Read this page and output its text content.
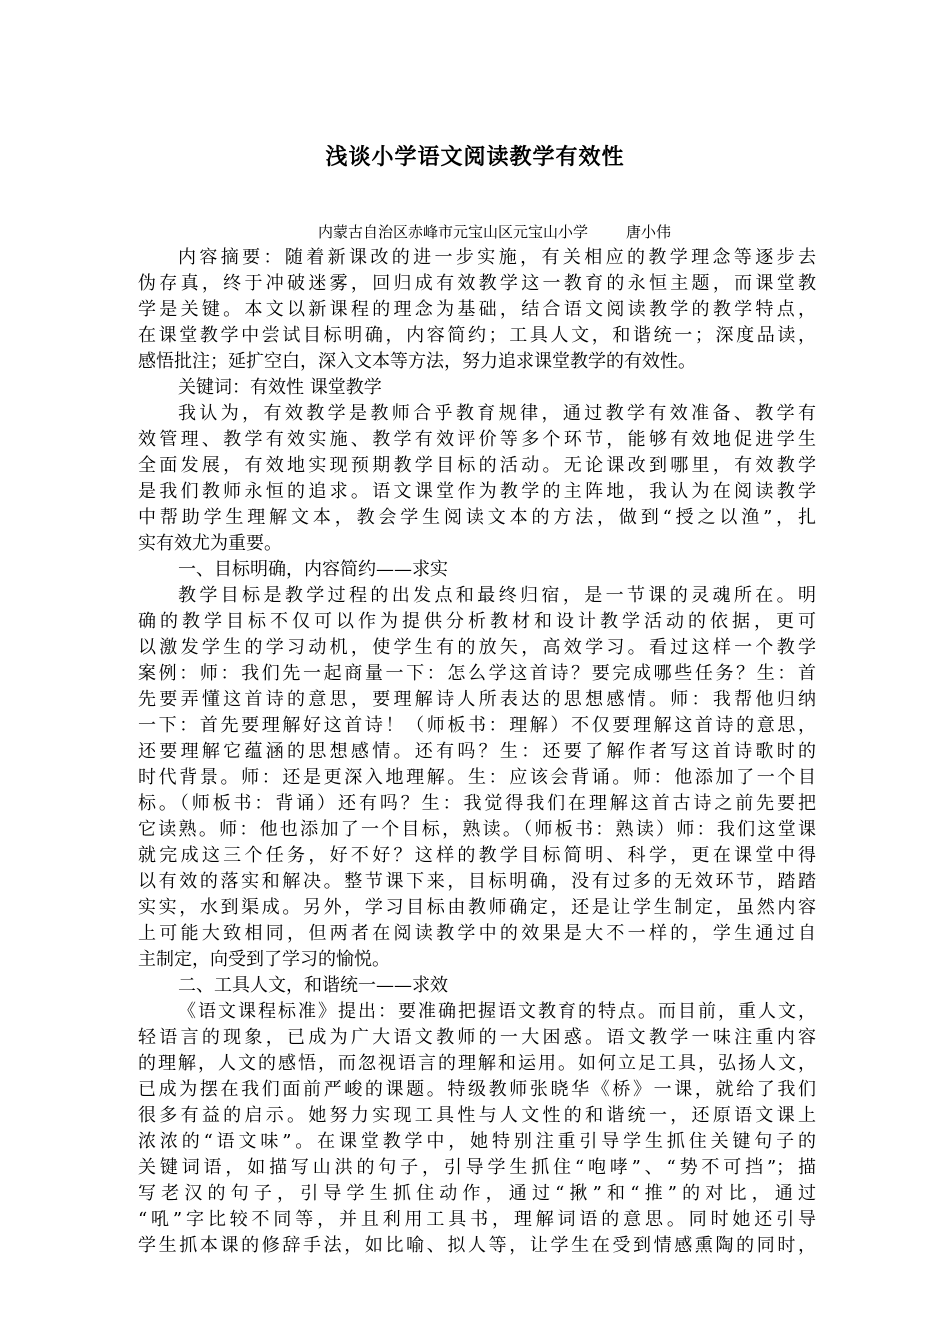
浅谈小学语文阅读教学有效性
内蒙古自治区赤峰市元宝山区元宝山小学	唐小伟
内容摘要：随着新课改的进一步实施，有关相应的教学理念等逐步去
伪存真，终于冲破迷雾，回归成有效教学这一教育的永恒主题，而课堂教
学是关键。本文以新课程的理念为基础，结合语文阅读教学的教学特点，
在课堂教学中尝试目标明确，内容简约；工具人文，和谐统一；深度品读，
感悟批注；延扩空白，深入文本等方法，努力追求课堂教学的有效性。
关键词：有效性 课堂教学
我认为，有效教学是教师合乎教育规律，通过教学有效准备、教学有
效管理、教学有效实施、教学有效评价等多个环节，能够有效地促进学生
全面发展，有效地实现预期教学目标的活动。无论课改到哪里，有效教学
是我们教师永恒的追求。语文课堂作为教学的主阵地，我认为在阅读教学
中帮助学生理解文本，教会学生阅读文本的方法，做到“授之以渔”，扎
实有效尤为重要。
一、目标明确，内容简约——求实
教学目标是教学过程的出发点和最终归宿，是一节课的灵魂所在。明
确的教学目标不仅可以作为提供分析教材和设计教学活动的依据，更可
以激发学生的学习动机，使学生有的放矢，高效学习。看过这样一个教学
案例：师：我们先一起商量一下：怎么学这首诗？要完成哪些任务？生：首
先要弄懂这首诗的意思，要理解诗人所表达的思想感情。师：我帮他归纳
一下：首先要理解好这首诗！（师板书：理解）不仅要理解这首诗的意思，
还要理解它蕴涵的思想感情。还有吗？生：还要了解作者写这首诗歌时的
时代背景。师：还是更深入地理解。生：应该会背诵。师：他添加了一个目
标。（师板书：背诵）还有吗？生：我觉得我们在理解这首古诗之前先要把
它读熟。师：他也添加了一个目标，熟读。（师板书：熟读）师：我们这堂课
就完成这三个任务，好不好？这样的教学目标简明、科学，更在课堂中得
以有效的落实和解决。整节课下来，目标明确，没有过多的无效环节，踏踏
实实，水到渠成。另外，学习目标由教师确定，还是让学生制定，虽然内容
上可能大致相同，但两者在阅读教学中的效果是大不一样的，学生通过自
主制定，向受到了学习的愉悦。
二、工具人文，和谐统一——求效
《语文课程标准》提出：要准确把握语文教育的特点。而目前，重人文，
轻语言的现象，已成为广大语文教师的一大困惑。语文教学一味注重内容
的理解，人文的感悟，而忽视语言的理解和运用。如何立足工具，弘扬人文，
已成为摆在我们面前严峻的课题。特级教师张晓华《桥》一课，就给了我们
很多有益的启示。她努力实现工具性与人文性的和谐统一，还原语文课上
浓浓的“语文味”。在课堂教学中，她特别注重引导学生抓住关键句子的
关键词语，如描写山洪的句子，引导学生抓住“咆哮”、“势不可挡”；描
写老汉的句子，引导学生抓住动作，通过“揪”和“推”的对比，通过
“吼”字比较不同等，并且利用工具书，理解词语的意思。同时她还引导
学生抓本课的修辞手法，如比喻、拟人等，让学生在受到情感熏陶的同时，
